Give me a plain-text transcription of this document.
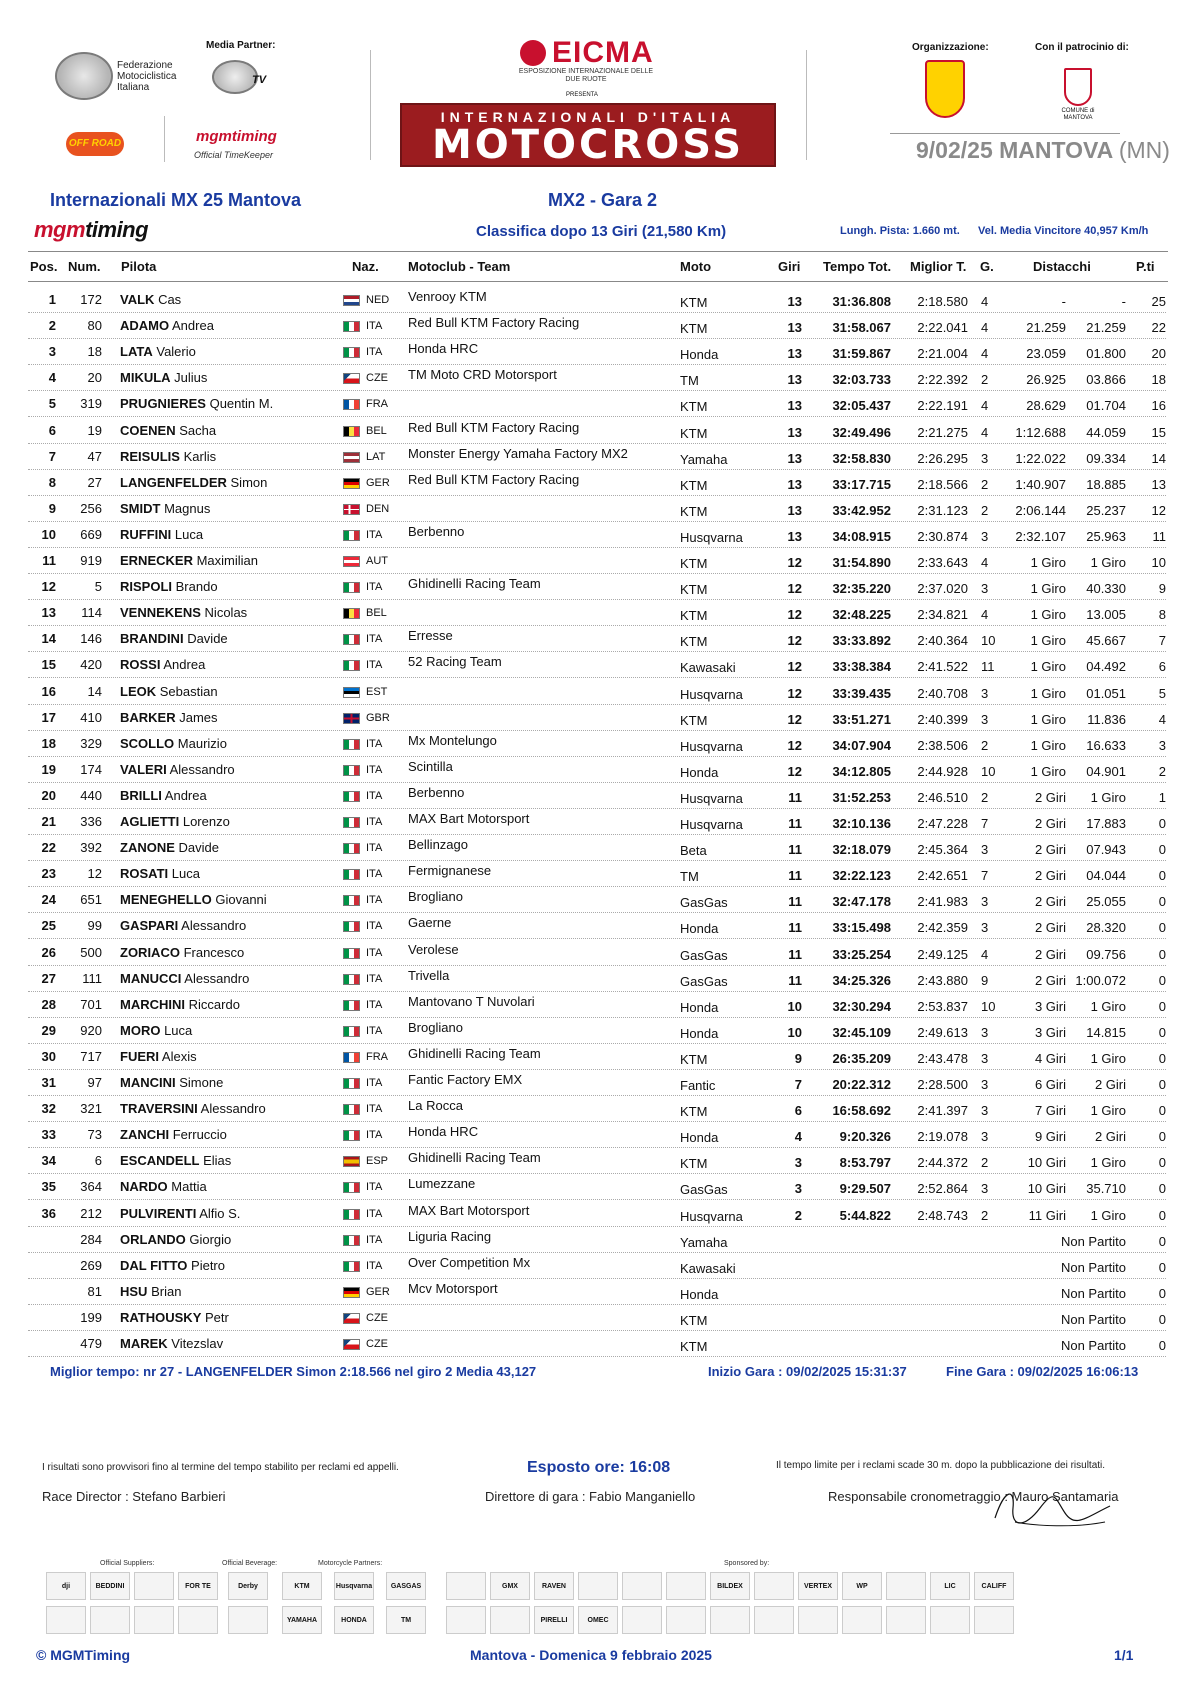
Federazione
Motociclistica
Italiana
Media Partner:
TV
OFF ROAD	mgmtiming
Official TimeKeeper
EICMA
ESPOSIZIONE INTERNAZIONALE DELLE DUE RUOTE
PRESENTA
INTERNAZIONALI D'ITALIA
MOTOCROSS
Organizzazione:	Con il patrocinio di:
COMUNE di MANTOVA
9/02/25 MANTOVA (MN)
Internazionali MX 25 Mantova
mgmtiming
MX2 - Gara 2
Classifica dopo 13 Giri (21,580 Km)	Lungh. Pista: 1.660 mt. Vel. Media Vincitore 40,957 Km/h
Pos. Num. Pilota	Naz. Motoclub - Team	Moto	Giri Tempo Tot. Miglior T. G.	Distacchi	P.ti
1	172 VALK Cas	NED Venrooy KTM	KTM	13	31:36.808	2:18.580 4	-	-	25
2	80 ADAMO Andrea	ITA Red Bull KTM Factory Racing	KTM	13	31:58.067	2:22.041 4	21.259	21.259	22
3	18 LATA Valerio	ITA Honda HRC	Honda	13	31:59.867	2:21.004 4	23.059	01.800	20
4	20 MIKULA Julius	CZE TM Moto CRD Motorsport	TM	13	32:03.733	2:22.392 2	26.925	03.866	18
5	319 PRUGNIERES Quentin M.	FRA	KTM	13	32:05.437	2:22.191 4	28.629	01.704	16
6	19 COENEN Sacha	BEL Red Bull KTM Factory Racing	KTM	13	32:49.496	2:21.275 4	1:12.688	44.059	15
7	47 REISULIS Karlis	LAT Monster Energy Yamaha Factory MX2	Yamaha	13	32:58.830	2:26.295 3	1:22.022	09.334	14
8	27 LANGENFELDER Simon	GER Red Bull KTM Factory Racing	KTM	13	33:17.715	2:18.566 2	1:40.907	18.885	13
9	256 SMIDT Magnus	DEN	KTM	13	33:42.952	2:31.123 2	2:06.144	25.237	12
10	669 RUFFINI Luca	ITA Berbenno	Husqvarna	13	34:08.915	2:30.874 3	2:32.107	25.963	11
11	919 ERNECKER Maximilian	AUT	KTM	12	31:54.890	2:33.643 4	1 Giro	1 Giro	10
12	5 RISPOLI Brando	ITA Ghidinelli Racing Team	KTM	12	32:35.220	2:37.020 3	1 Giro	40.330	9
13	114 VENNEKENS Nicolas	BEL	KTM	12	32:48.225	2:34.821 4	1 Giro	13.005	8
14	146 BRANDINI Davide	ITA Erresse	KTM	12	33:33.892	2:40.364 10	1 Giro	45.667	7
15	420 ROSSI Andrea	ITA 52 Racing Team	Kawasaki	12	33:38.384	2:41.522 11	1 Giro	04.492	6
16	14 LEOK Sebastian	EST	Husqvarna	12	33:39.435	2:40.708 3	1 Giro	01.051	5
17	410 BARKER James	GBR	KTM	12	33:51.271	2:40.399 3	1 Giro	11.836	4
18	329 SCOLLO Maurizio	ITA Mx Montelungo	Husqvarna	12	34:07.904	2:38.506 2	1 Giro	16.633	3
19	174 VALERI Alessandro	ITA Scintilla	Honda	12	34:12.805	2:44.928 10	1 Giro	04.901	2
20	440 BRILLI Andrea	ITA Berbenno	Husqvarna	11	31:52.253	2:46.510 2	2 Giri	1 Giro	1
21	336 AGLIETTI Lorenzo	ITA MAX Bart Motorsport	Husqvarna	11	32:10.136	2:47.228 7	2 Giri	17.883	0
22	392 ZANONE Davide	ITA Bellinzago	Beta	11	32:18.079	2:45.364 3	2 Giri	07.943	0
23	12 ROSATI Luca	ITA Fermignanese	TM	11	32:22.123	2:42.651 7	2 Giri	04.044	0
24	651 MENEGHELLO Giovanni	ITA Brogliano	GasGas	11	32:47.178	2:41.983 3	2 Giri	25.055	0
25	99 GASPARI Alessandro	ITA Gaerne	Honda	11	33:15.498	2:42.359 3	2 Giri	28.320	0
26	500 ZORIACO Francesco	ITA Verolese	GasGas	11	33:25.254	2:49.125 4	2 Giri	09.756	0
27	111 MANUCCI Alessandro	ITA Trivella	GasGas	11	34:25.326	2:43.880 9	2 Giri 1:00.072	0
28	701 MARCHINI Riccardo	ITA Mantovano T Nuvolari	Honda	10	32:30.294	2:53.837 10	3 Giri	1 Giro	0
29	920 MORO Luca	ITA Brogliano	Honda	10	32:45.109	2:49.613 3	3 Giri	14.815	0
30	717 FUERI Alexis	FRA Ghidinelli Racing Team	KTM	9	26:35.209	2:43.478 3	4 Giri	1 Giro	0
31	97 MANCINI Simone	ITA Fantic Factory EMX	Fantic	7	20:22.312	2:28.500 3	6 Giri	2 Giri	0
32	321 TRAVERSINI Alessandro	ITA La Rocca	KTM	6	16:58.692	2:41.397 3	7 Giri	1 Giro	0
33	73 ZANCHI Ferruccio	ITA Honda HRC	Honda	4	9:20.326	2:19.078 3	9 Giri	2 Giri	0
34	6 ESCANDELL Elias	ESP Ghidinelli Racing Team	KTM	3	8:53.797	2:44.372 2	10 Giri	1 Giro	0
35	364 NARDO Mattia	ITA Lumezzane	GasGas	3	9:29.507	2:52.864 3	10 Giri	35.710	0
36	212 PULVIRENTI Alfio S.	ITA MAX Bart Motorsport	Husqvarna	2	5:44.822	2:48.743 2	11 Giri	1 Giro	0
284 ORLANDO Giorgio	ITA Liguria Racing	Yamaha	Non Partito	0
269 DAL FITTO Pietro	ITA Over Competition Mx	Kawasaki	Non Partito	0
81 HSU Brian	GER Mcv Motorsport	Honda	Non Partito	0
199 RATHOUSKY Petr	CZE	KTM	Non Partito	0
479 MAREK Vitezslav	CZE	KTM	Non Partito	0
Miglior tempo: nr 27 - LANGENFELDER Simon 2:18.566 nel giro 2 Media 43,127	Inizio Gara : 09/02/2025 15:31:37	Fine Gara : 09/02/2025 16:06:13
I risultati sono provvisori fino al termine del tempo stabilito per reclami ed appelli.	Esposto ore: 16:08	Il tempo limite per i reclami scade 30 m. dopo la pubblicazione dei risultati.
Race Director : Stefano Barbieri	Direttore di gara : Fabio Manganiello	Responsabile cronometraggio : Mauro Santamaria
Official Suppliers:	Official Beverage:	Motorcycle Partners:	Sponsored by:
dji	BEDDINI	FOR TE	Derby	KTM	Husqvarna	GASGAS	GMX	RAVEN	BILDEX	VERTEX	WP	LIC	CALIFF
YAMAHA	HONDA	TM	PIRELLI	OMEC
© MGMTiming	Mantova - Domenica 9 febbraio 2025	1/1
